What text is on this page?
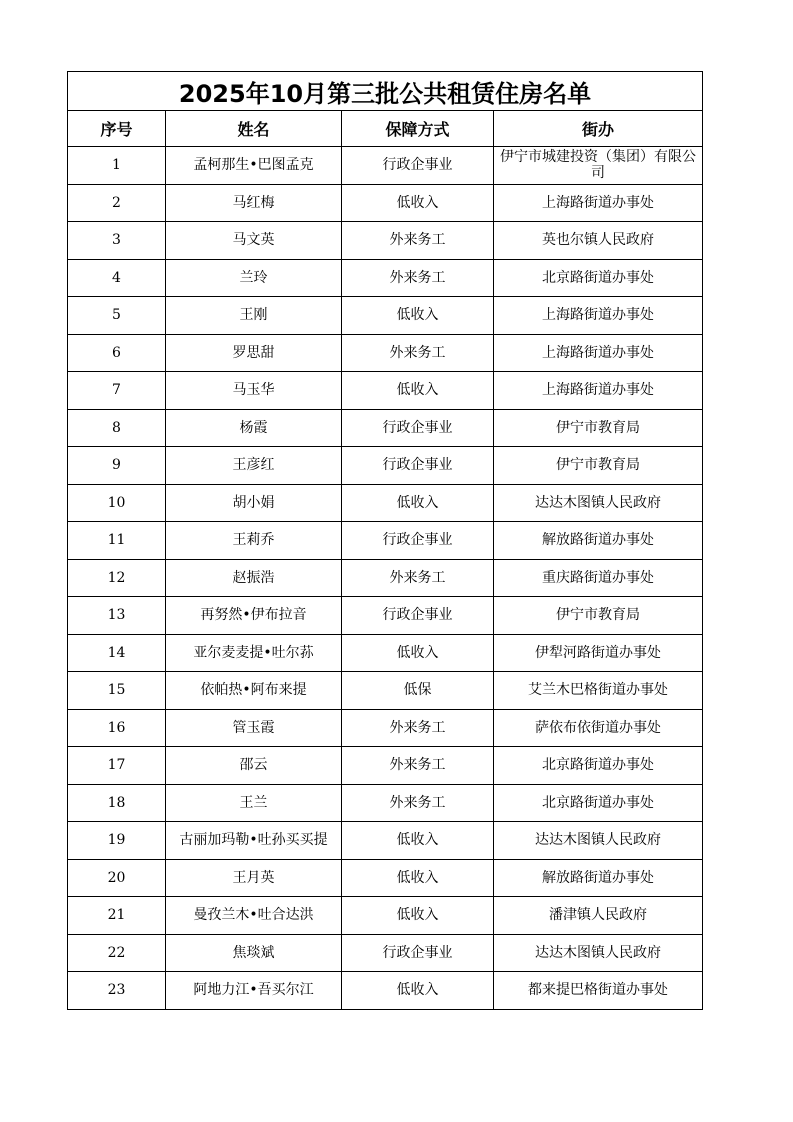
2025年10月第三批公共租赁住房名单			
序号	姓名	保障方式	街办

1	孟柯那生•巴图孟克	行政企事业	伊宁市城建投资（集团）有限公司

2	马红梅	低收入	上海路街道办事处

3	马文英	外来务工	英也尔镇人民政府

4	兰玲	外来务工	北京路街道办事处

5	王刚	低收入	上海路街道办事处

6	罗思甜	外来务工	上海路街道办事处

7	马玉华	低收入	上海路街道办事处

8	杨霞	行政企事业	伊宁市教育局

9	王彦红	行政企事业	伊宁市教育局

10	胡小娟	低收入	达达木图镇人民政府

11	王莉乔	行政企事业	解放路街道办事处

12	赵振浩	外来务工	重庆路街道办事处

13	再努然•伊布拉音	行政企事业	伊宁市教育局

14	亚尔麦麦提•吐尔荪	低收入	伊犁河路街道办事处

15	依帕热•阿布来提	低保	艾兰木巴格街道办事处

16	管玉霞	外来务工	萨依布依街道办事处

17	邵云	外来务工	北京路街道办事处

18	王兰	外来务工	北京路街道办事处

19	古丽加玛勒•吐孙买买提	低收入	达达木图镇人民政府

20	王月英	低收入	解放路街道办事处

21	曼孜兰木•吐合达洪	低收入	潘津镇人民政府

22	焦琰斌	行政企事业	达达木图镇人民政府

23	阿地力江•吾买尔江	低收入	都来提巴格街道办事处
